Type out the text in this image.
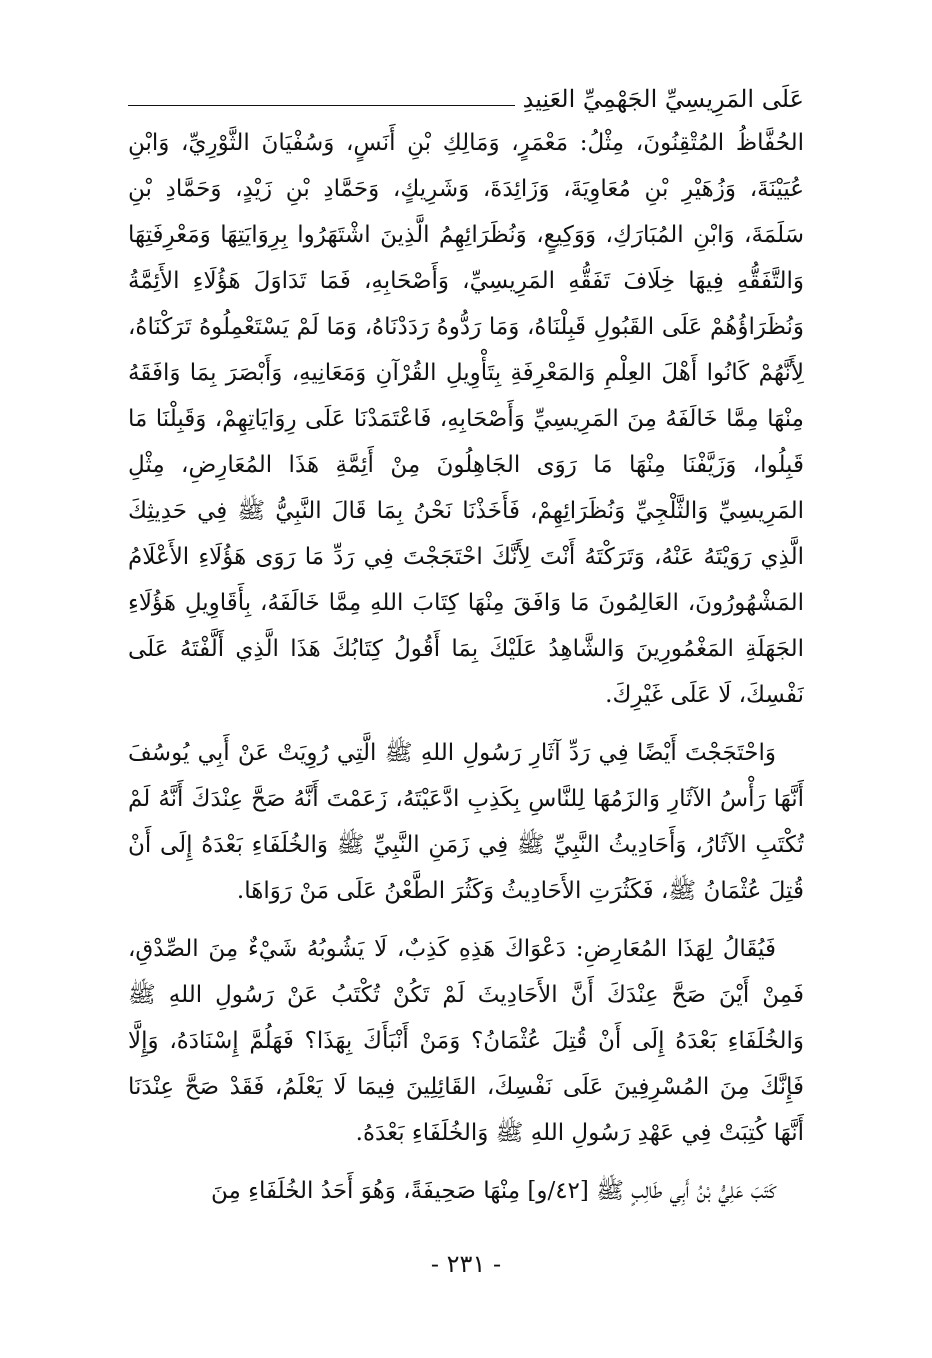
عَلَى المَرِيسِيِّ الجَهْمِيِّ العَنِيدِ

الحُفَّاظُ المُتْقِنُونَ، مِثْلُ: مَعْمَرٍ، وَمَالِكِ بْنِ أَنَسٍ، وَسُفْيَانَ الثَّوْرِيِّ، وَابْنِ عُيَيْنَةَ، وَزُهَيْرِ بْنِ مُعَاوِيَةَ، وَزَائِدَةَ، وَشَرِيكٍ، وَحَمَّادِ بْنِ زَيْدٍ، وَحَمَّادِ بْنِ سَلَمَةَ، وَابْنِ المُبَارَكِ، وَوَكِيعٍ، وَنُظَرَائِهِمُ الَّذِينَ اشْتَهَرُوا بِرِوَايَتِهَا وَمَعْرِفَتِهَا وَالتَّفَقُّهِ فِيهَا خِلَافَ تَفَقُّهِ المَرِيسِيِّ، وَأَصْحَابِهِ، فَمَا تَدَاوَلَ هَؤُلَاءِ الأَئِمَّةُ وَنُظَرَاؤُهُمْ عَلَى القَبُولِ قَبِلْنَاهُ، وَمَا رَدُّوهُ رَدَدْنَاهُ، وَمَا لَمْ يَسْتَعْمِلُوهُ تَرَكْنَاهُ، لِأَنَّهُمْ كَانُوا أَهْلَ العِلْمِ وَالمَعْرِفَةِ بِتَأْوِيلِ القُرْآنِ وَمَعَانِيهِ، وَأَبْصَرَ بِمَا وَافَقَهُ مِنْهَا مِمَّا خَالَفَهُ مِنَ المَرِيسِيِّ وَأَصْحَابِهِ، فَاعْتَمَدْنَا عَلَى رِوَايَاتِهِمْ، وَقَبِلْنَا مَا قَبِلُوا، وَزَيَّفْنَا مِنْهَا مَا رَوَى الجَاهِلُونَ مِنْ أَئِمَّةِ هَذَا المُعَارِضِ، مِثْلِ المَرِيسِيِّ وَالثَّلْجِيِّ وَنُظَرَائِهِمْ، فَأَخَذْنَا نَحْنُ بِمَا قَالَ النَّبِيُّ ﷺ فِي حَدِيثِكَ الَّذِي رَوَيْتَهُ عَنْهُ، وَتَرَكْتَهُ أَنْتَ لِأَنَّكَ احْتَجَجْتَ فِي رَدِّ مَا رَوَى هَؤُلَاءِ الأَعْلَامُ المَشْهُورُونَ، العَالِمُونَ مَا وَافَقَ مِنْهَا كِتَابَ اللهِ مِمَّا خَالَفَهُ، بِأَقَاوِيلِ هَؤُلَاءِ الجَهَلَةِ المَغْمُورِينَ وَالشَّاهِدُ عَلَيْكَ بِمَا أَقُولُ كِتَابُكَ هَذَا الَّذِي أَلَّفْتَهُ عَلَى نَفْسِكَ، لَا عَلَى غَيْرِكَ.

وَاحْتَجَجْتَ أَيْضًا فِي رَدِّ آثَارِ رَسُولِ اللهِ ﷺ الَّتِي رُوِيَتْ عَنْ أَبِي يُوسُفَ أَنَّهَا رَأْسُ الآثَارِ وَالزَمُهَا لِلنَّاسِ بِكَذِبِ ادَّعَيْتَهُ، زَعَمْتَ أَنَّهُ صَحَّ عِنْدَكَ أَنَّهُ لَمْ تُكْتَبِ الآثَارُ، وَأَحَادِيثُ النَّبِيِّ ﷺ فِي زَمَنِ النَّبِيِّ ﷺ وَالخُلَفَاءِ بَعْدَهُ إِلَى أَنْ قُتِلَ عُثْمَانُ ﷺ، فَكَثُرَتِ الأَحَادِيثُ وَكَثُرَ الطَّعْنُ عَلَى مَنْ رَوَاهَا.

فَيُقَالُ لِهَذَا المُعَارِضِ: دَعْوَاكَ هَذِهِ كَذِبٌ، لَا يَشُوبُهُ شَيْءٌ مِنَ الصِّدْقِ، فَمِنْ أَيْنَ صَحَّ عِنْدَكَ أَنَّ الأَحَادِيثَ لَمْ تَكُنْ تُكْتَبُ عَنْ رَسُولِ اللهِ ﷺ وَالخُلَفَاءِ بَعْدَهُ إِلَى أَنْ قُتِلَ عُثْمَانُ؟ وَمَنْ أَنْبَأَكَ بِهَذَا؟ فَهَلُمَّ إِسْنَادَهُ، وَإِلَّا فَإِنَّكَ مِنَ المُسْرِفِينَ عَلَى نَفْسِكَ، القَائِلِينَ فِيمَا لَا يَعْلَمُ، فَقَدْ صَحَّ عِنْدَنَا أَنَّهَا كُتِبَتْ فِي عَهْدِ رَسُولِ اللهِ ﷺ وَالخُلَفَاءِ بَعْدَهُ.

كَتَبَ عَلِيُّ بْنُ أَبِي طَالِبٍ ﷺ [٤٢/و] مِنْهَا صَحِيفَةً، وَهُوَ أَحَدُ الخُلَفَاءِ مِنَ

- ٢٣١ -
